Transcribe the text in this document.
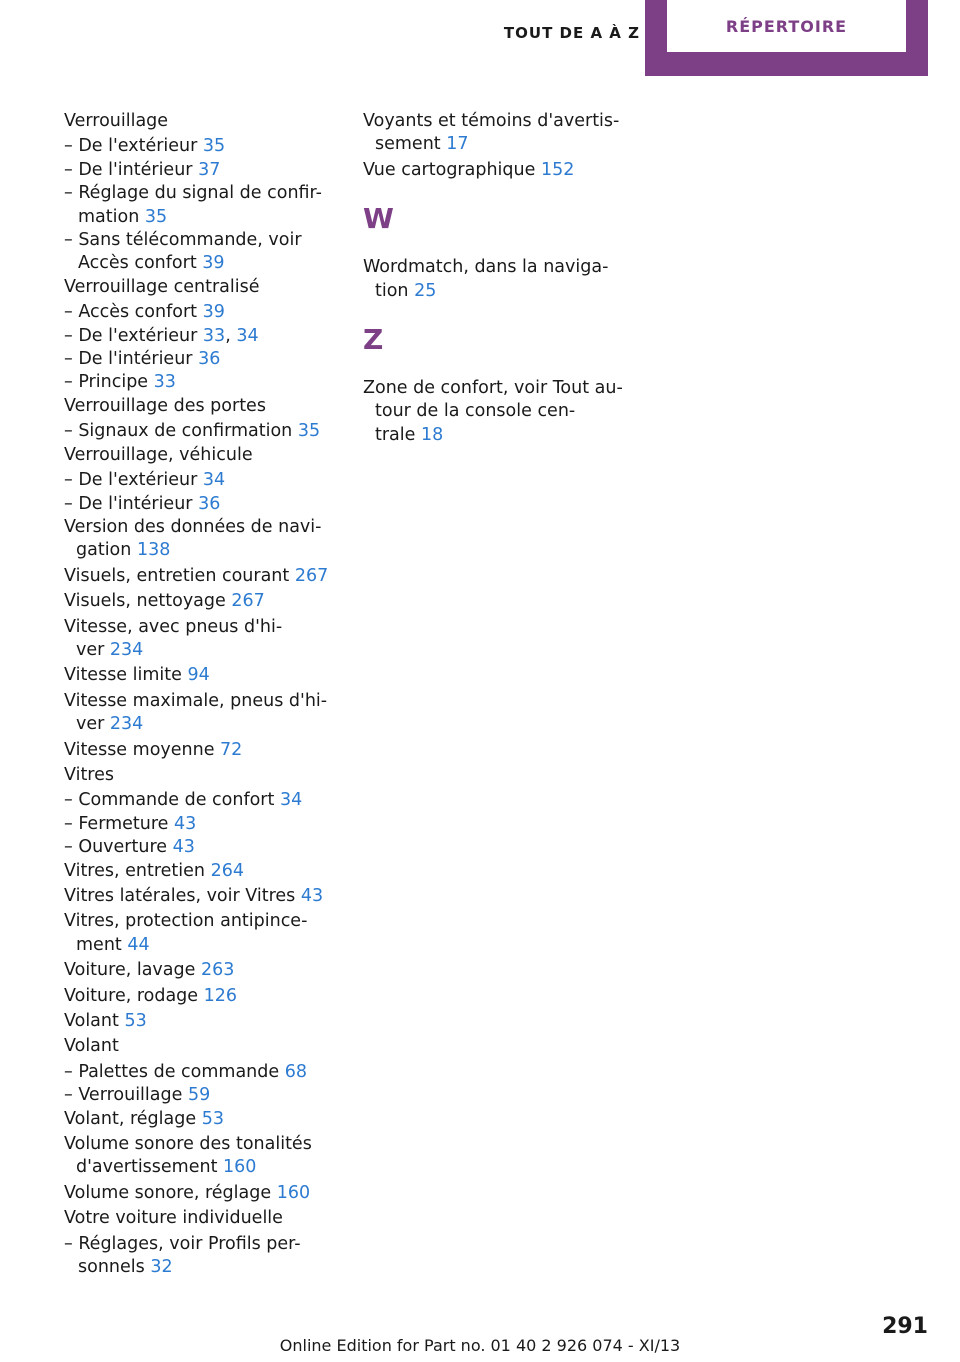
TOUT DE A À Z	RÉPERTOIRE
Verrouillage
– De l'extérieur 35
– De l'intérieur 37
– Réglage du signal de confir-
mation 35
– Sans télécommande, voir
Accès confort 39
Verrouillage centralisé
– Accès confort 39
– De l'extérieur 33, 34
– De l'intérieur 36
– Principe 33
Verrouillage des portes
– Signaux de confirmation 35
Verrouillage, véhicule
– De l'extérieur 34
– De l'intérieur 36
Version des données de navi-
gation 138
Visuels, entretien courant 267
Visuels, nettoyage 267
Vitesse, avec pneus d'hi-
ver 234
Vitesse limite 94
Vitesse maximale, pneus d'hi-
ver 234
Vitesse moyenne 72
Vitres
– Commande de confort 34
– Fermeture 43
– Ouverture 43
Vitres, entretien 264
Vitres latérales, voir Vitres 43
Vitres, protection antipince-
ment 44
Voiture, lavage 263
Voiture, rodage 126
Volant 53
Volant
– Palettes de commande 68
– Verrouillage 59
Volant, réglage 53
Volume sonore des tonalités
d'avertissement 160
Volume sonore, réglage 160
Votre voiture individuelle
– Réglages, voir Profils per-
sonnels 32
Voyants et témoins d'avertis-
sement 17
Vue cartographique 152
W
Wordmatch, dans la naviga-
tion 25
Z
Zone de confort, voir Tout au-
tour de la console cen-
trale 18
291
Online Edition for Part no. 01 40 2 926 074 - XI/13
